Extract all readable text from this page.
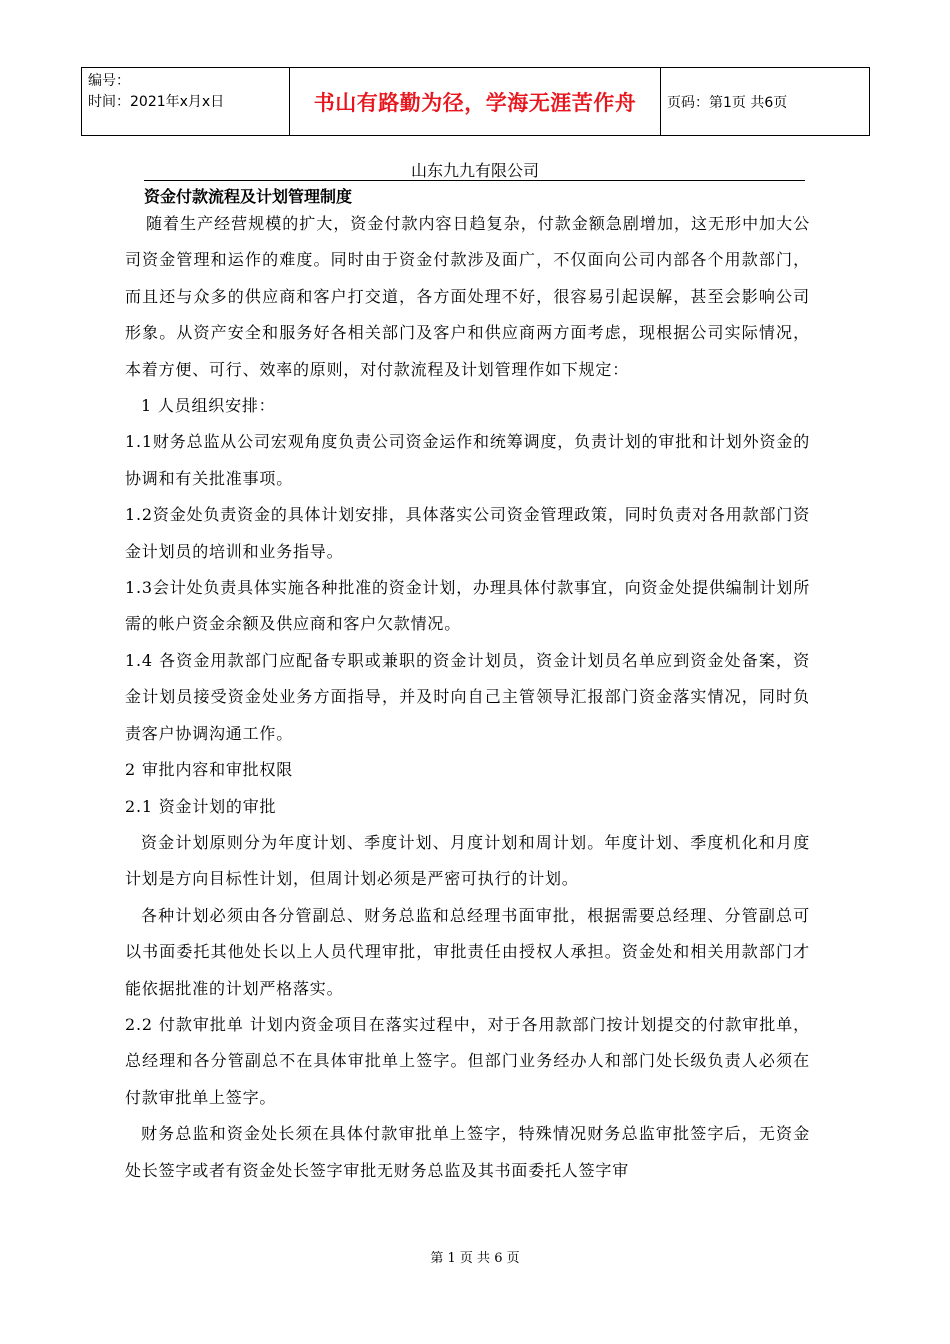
编号：
时间：2021年x月x日	书山有路勤为径，学海无涯苦作舟	页码：第1页 共6页
山东九九有限公司
资金付款流程及计划管理制度

随着生产经营规模的扩大，资金付款内容日趋复杂，付款金额急剧增加，这无形中加大公司资金管理和运作的难度。同时由于资金付款涉及面广，不仅面向公司内部各个用款部门，而且还与众多的供应商和客户打交道，各方面处理不好，很容易引起误解，甚至会影响公司形象。从资产安全和服务好各相关部门及客户和供应商两方面考虑，现根据公司实际情况，本着方便、可行、效率的原则，对付款流程及计划管理作如下规定：

1 人员组织安排：

1.1财务总监从公司宏观角度负责公司资金运作和统筹调度，负责计划的审批和计划外资金的协调和有关批准事项。

1.2资金处负责资金的具体计划安排，具体落实公司资金管理政策，同时负责对各用款部门资金计划员的培训和业务指导。

1.3会计处负责具体实施各种批准的资金计划，办理具体付款事宜，向资金处提供编制计划所需的帐户资金余额及供应商和客户欠款情况。

1.4 各资金用款部门应配备专职或兼职的资金计划员，资金计划员名单应到资金处备案，资金计划员接受资金处业务方面指导，并及时向自己主管领导汇报部门资金落实情况，同时负责客户协调沟通工作。

2 审批内容和审批权限

2.1 资金计划的审批

资金计划原则分为年度计划、季度计划、月度计划和周计划。年度计划、季度机化和月度计划是方向目标性计划，但周计划必须是严密可执行的计划。

各种计划必须由各分管副总、财务总监和总经理书面审批，根据需要总经理、分管副总可以书面委托其他处长以上人员代理审批，审批责任由授权人承担。资金处和相关用款部门才能依据批准的计划严格落实。

2.2 付款审批单 计划内资金项目在落实过程中，对于各用款部门按计划提交的付款审批单，总经理和各分管副总不在具体审批单上签字。但部门业务经办人和部门处长级负责人必须在付款审批单上签字。

财务总监和资金处长须在具体付款审批单上签字，特殊情况财务总监审批签字后，无资金处长签字或者有资金处长签字审批无财务总监及其书面委托人签字审

第 1 页 共 6 页
